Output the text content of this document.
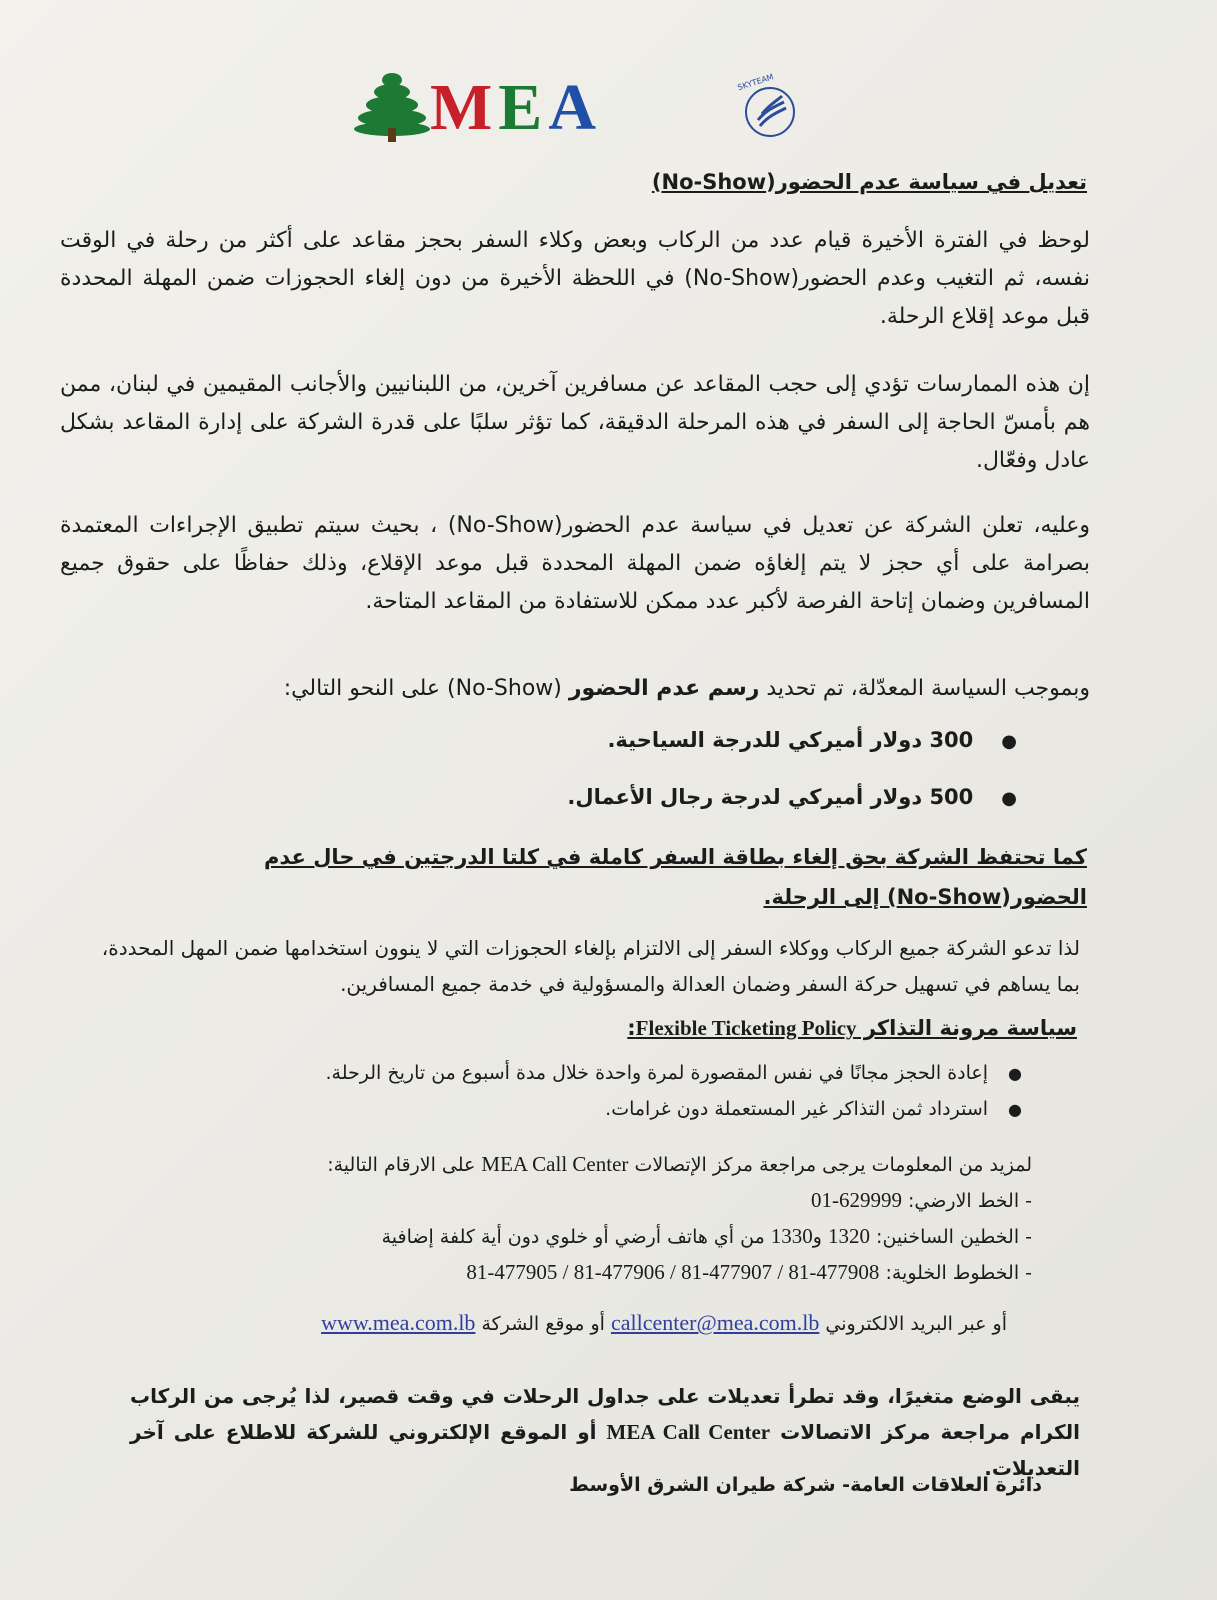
MEA	SKYTEAM
تعديل في سياسة عدم الحضور(No-Show)
لوحظ في الفترة الأخيرة قيام عدد من الركاب وبعض وكلاء السفر بحجز مقاعد على أكثر من رحلة في الوقت نفسه، ثم التغيب وعدم الحضور(No-Show) في اللحظة الأخيرة من دون إلغاء الحجوزات ضمن المهلة المحددة قبل موعد إقلاع الرحلة.
إن هذه الممارسات تؤدي إلى حجب المقاعد عن مسافرين آخرين، من اللبنانيين والأجانب المقيمين في لبنان، ممن هم بأمسّ الحاجة إلى السفر في هذه المرحلة الدقيقة، كما تؤثر سلبًا على قدرة الشركة على إدارة المقاعد بشكل عادل وفعّال.
وعليه، تعلن الشركة عن تعديل في سياسة عدم الحضور(No-Show) ، بحيث سيتم تطبيق الإجراءات المعتمدة بصرامة على أي حجز لا يتم إلغاؤه ضمن المهلة المحددة قبل موعد الإقلاع، وذلك حفاظًا على حقوق جميع المسافرين وضمان إتاحة الفرصة لأكبر عدد ممكن للاستفادة من المقاعد المتاحة.
وبموجب السياسة المعدّلة، تم تحديد رسم عدم الحضور (No-Show) على النحو التالي:
●300 دولار أميركي للدرجة السياحية.
●500 دولار أميركي لدرجة رجال الأعمال.
كما تحتفظ الشركة بحق إلغاء بطاقة السفر كاملة في كلتا الدرجتين في حال عدم الحضور(No-Show) إلى الرحلة.
لذا تدعو الشركة جميع الركاب ووكلاء السفر إلى الالتزام بإلغاء الحجوزات التي لا ينوون استخدامها ضمن المهل المحددة، بما يساهم في تسهيل حركة السفر وضمان العدالة والمسؤولية في خدمة جميع المسافرين.
سياسة مرونة التذاكر Flexible Ticketing Policy:
●إعادة الحجز مجانًا في نفس المقصورة لمرة واحدة خلال مدة أسبوع من تاريخ الرحلة.
●استرداد ثمن التذاكر غير المستعملة دون غرامات.
لمزيد من المعلومات يرجى مراجعة مركز الإتصالات MEA Call Center على الارقام التالية:
- الخط الارضي: 01-629999
- الخطين الساخنين: 1320 و1330 من أي هاتف أرضي أو خلوي دون أية كلفة إضافية
- الخطوط الخلوية: 81-477905 / 81-477906 / 81-477907 / 81-477908
أو عبر البريد الالكتروني callcenter@mea.com.lb أو موقع الشركة www.mea.com.lb
يبقى الوضع متغيرًا، وقد تطرأ تعديلات على جداول الرحلات في وقت قصير، لذا يُرجى من الركاب الكرام مراجعة مركز الاتصالات MEA Call Center أو الموقع الإلكتروني للشركة للاطلاع على آخر التعديلات.
دائرة العلاقات العامة- شركة طيران الشرق الأوسط
